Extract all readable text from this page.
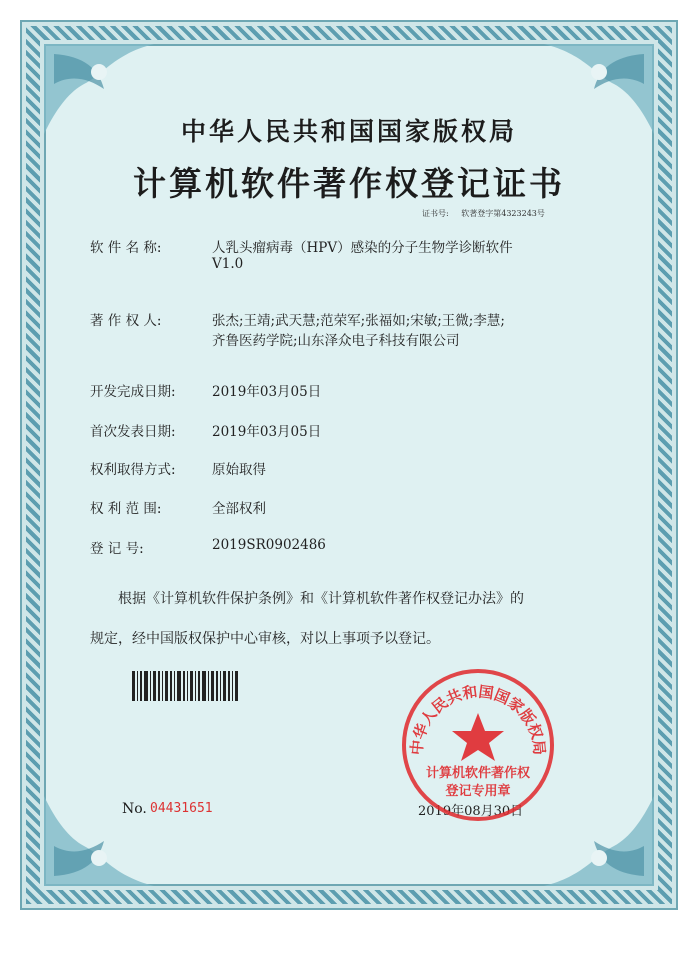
中华人民共和国国家版权局
计算机软件著作权登记证书
证书号: 软著登字第4323243号
软 件 名 称:	人乳头瘤病毒（HPV）感染的分子生物学诊断软件
V1.0
著 作 权 人:	张杰;王靖;武天慧;范荣军;张福如;宋敏;王微;李慧;
齐鲁医药学院;山东泽众电子科技有限公司
开发完成日期:	2019年03月05日
首次发表日期:	2019年03月05日
权利取得方式:	原始取得
权 利 范 围:	全部权利
登 记 号:	2019SR0902486
根据《计算机软件保护条例》和《计算机软件著作权登记办法》的
规定，经中国版权保护中心审核，对以上事项予以登记。
No. 04431651	2019年08月30日
中华人民共和国国家版权局
计算机软件著作权
登记专用章
